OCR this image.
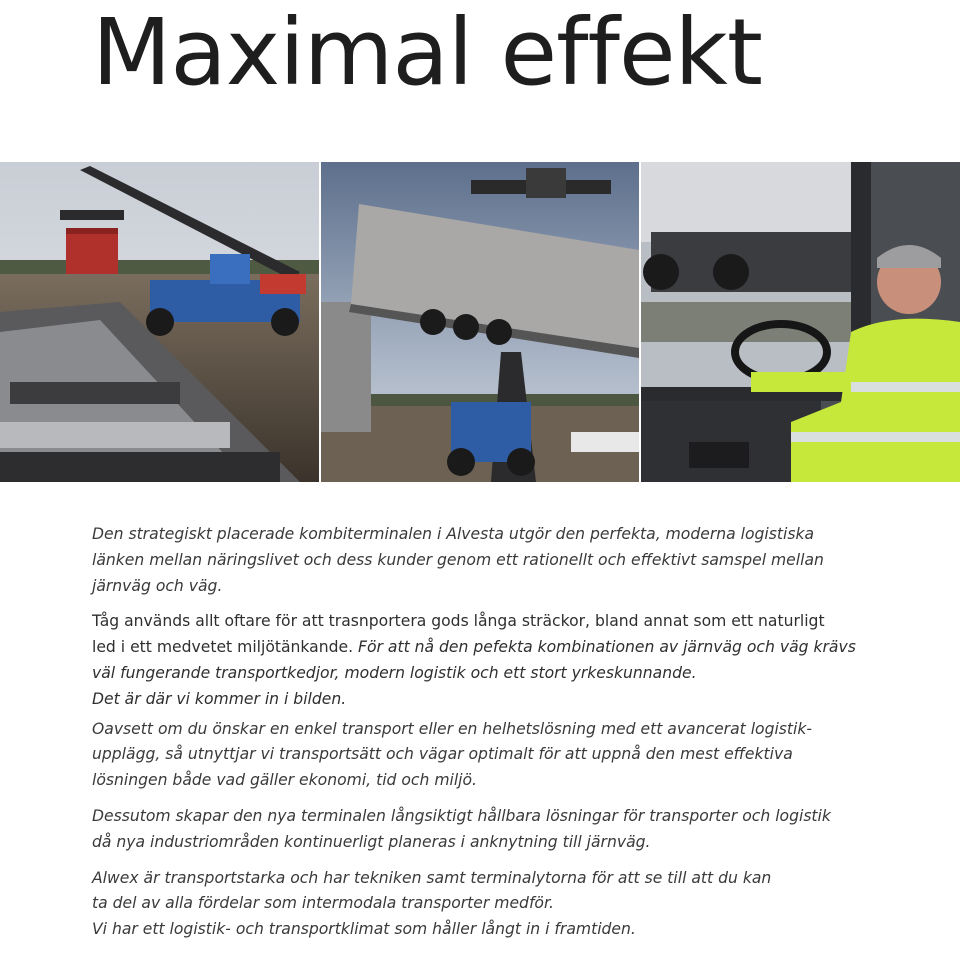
Maximal effekt

Den strategiskt placerade kombiterminalen i Alvesta utgör den perfekta, moderna logistiska
länken mellan näringslivet och dess kunder genom ett rationellt och effektivt samspel mellan
järnväg och väg.

Tåg används allt oftare för att trasnportera gods långa sträckor, bland annat som ett naturligt
led i ett medvetet miljötänkande. För att nå den pefekta kombinationen av järnväg och väg krävs
väl fungerande transportkedjor, modern logistik och ett stort yrkeskunnande.
Det är där vi kommer in i bilden.

Oavsett om du önskar en enkel transport eller en helhetslösning med ett avancerat logistik-
upplägg, så utnyttjar vi transportsätt och vägar optimalt för att uppnå den mest effektiva
lösningen både vad gäller ekonomi, tid och miljö.

Dessutom skapar den nya terminalen långsiktigt hållbara lösningar för transporter och logistik
då nya industriområden kontinuerligt planeras i anknytning till järnväg.

Alwex är transportstarka och har tekniken samt terminalytorna för att se till att du kan
ta del av alla fördelar som intermodala transporter medför.
Vi har ett logistik- och transportklimat som håller långt in i framtiden.
